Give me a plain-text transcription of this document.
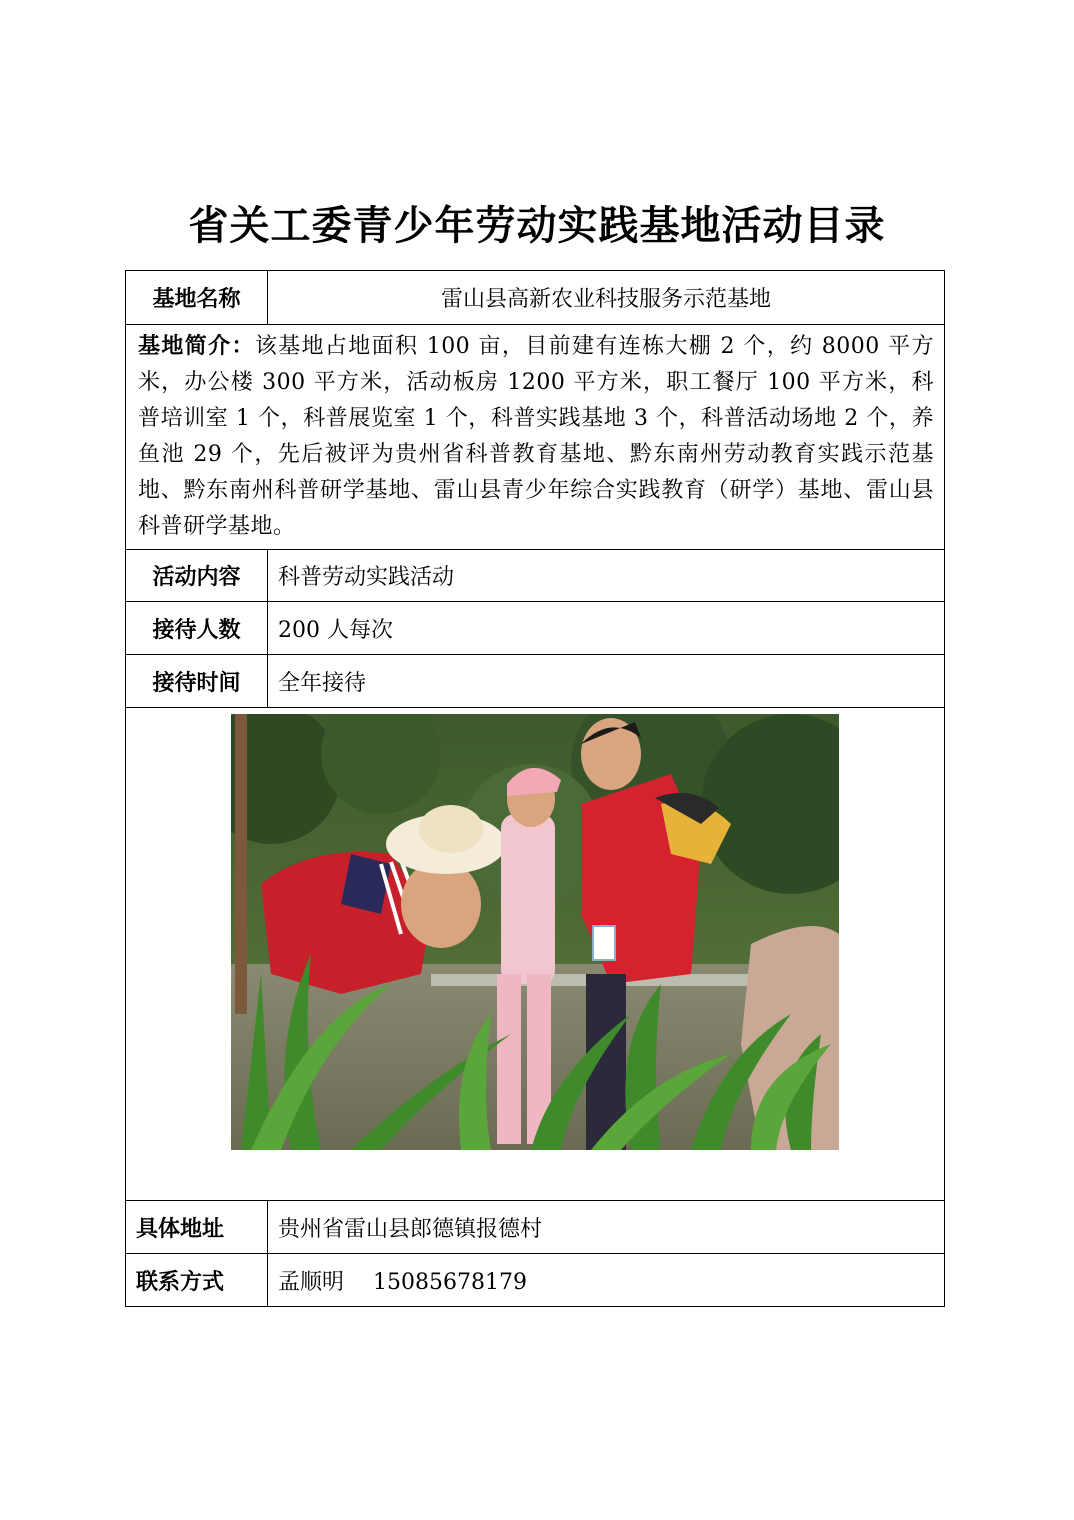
省关工委青少年劳动实践基地活动目录
基地名称	雷山县高新农业科技服务示范基地
基地简介：该基地占地面积 100 亩，目前建有连栋大棚 2 个，约 8000 平方米，办公楼 300 平方米，活动板房 1200 平方米，职工餐厅 100 平方米，科普培训室 1 个，科普展览室 1 个，科普实践基地 3 个，科普活动场地 2 个，养鱼池 29 个，先后被评为贵州省科普教育基地、黔东南州劳动教育实践示范基地、黔东南州科普研学基地、雷山县青少年综合实践教育（研学）基地、雷山县科普研学基地。	
活动内容	科普劳动实践活动
接待人数	200 人每次
接待时间	全年接待

具体地址	贵州省雷山县郎德镇报德村
联系方式	孟顺明　 15085678179
